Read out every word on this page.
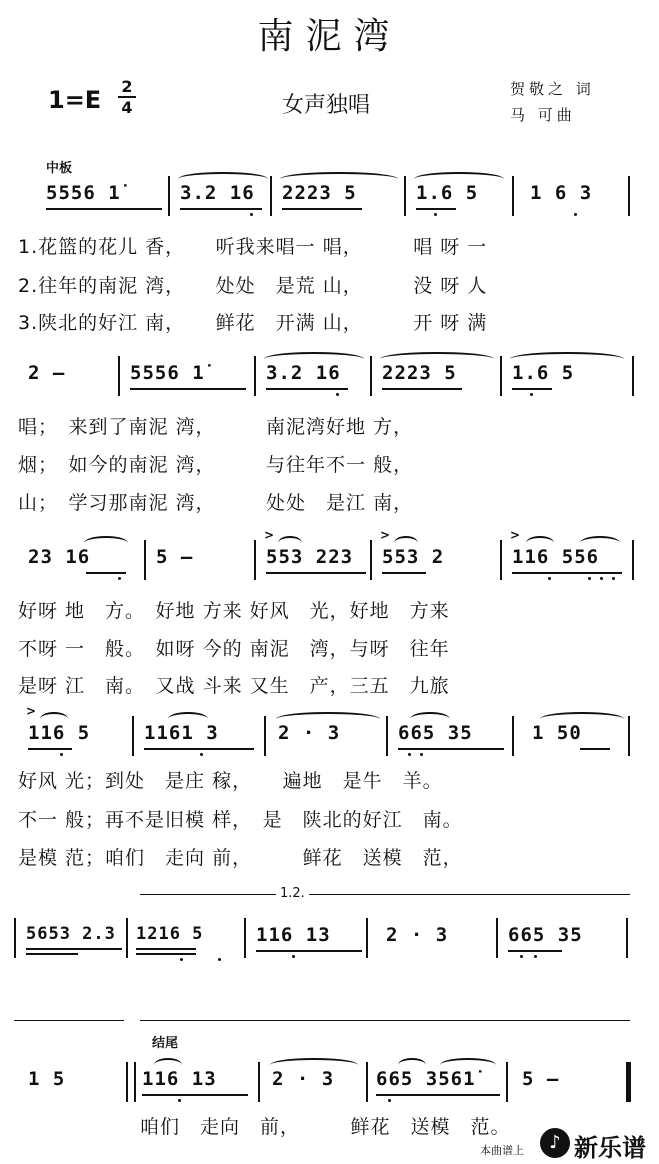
南泥湾
1=E 2
4	女声独唱
贺敬之 词
马 可曲
中板
5556 1̇	3.2 16 2223 5	1.6 5	1 6 3
1.花篮的花儿 香，　　听我来唱一 唱，　　　唱 呀 一
2.往年的南泥 湾，　　处处　是荒 山，　　　没 呀 人
3.陕北的好江 南，　　鲜花　开满 山，　　　开 呀 满
2 —	5556 1̇	3.2 16 2223 5	1.6 5
唱；　来到了南泥 湾，　　　南泥湾好地 方，
烟；　如今的南泥 湾，　　　与往年不一 般，
山；　学习那南泥 湾，　　　处处　是江 南，
23 16	5 —	553 223 553 2	116 556
>	>	>
好呀 地　方。　好地 方来 好风　光，好地　方来
不呀 一　般。　如呀 今的 南泥　湾，与呀　往年
是呀 江　南。　又战 斗来 又生　产，三五　九旅
116 5	1161 3	2 · 3	665 35	1 50
>
好风 光；到处　是庄 稼，　　遍地　是牛　羊。
不一 般；再不是旧模 样，　是　陕北的好江　南。
是模 范；咱们　走向 前，　　　鲜花　送模　范，
1.2.
5653 2.3 1216 5	116 13	2 · 3	665 35
结尾
1 5	116 13	2 · 3 665 3561̇ 5 —
咱们　走向　前，　　　鲜花　送模　范。
本曲谱上	♪ 新乐谱
